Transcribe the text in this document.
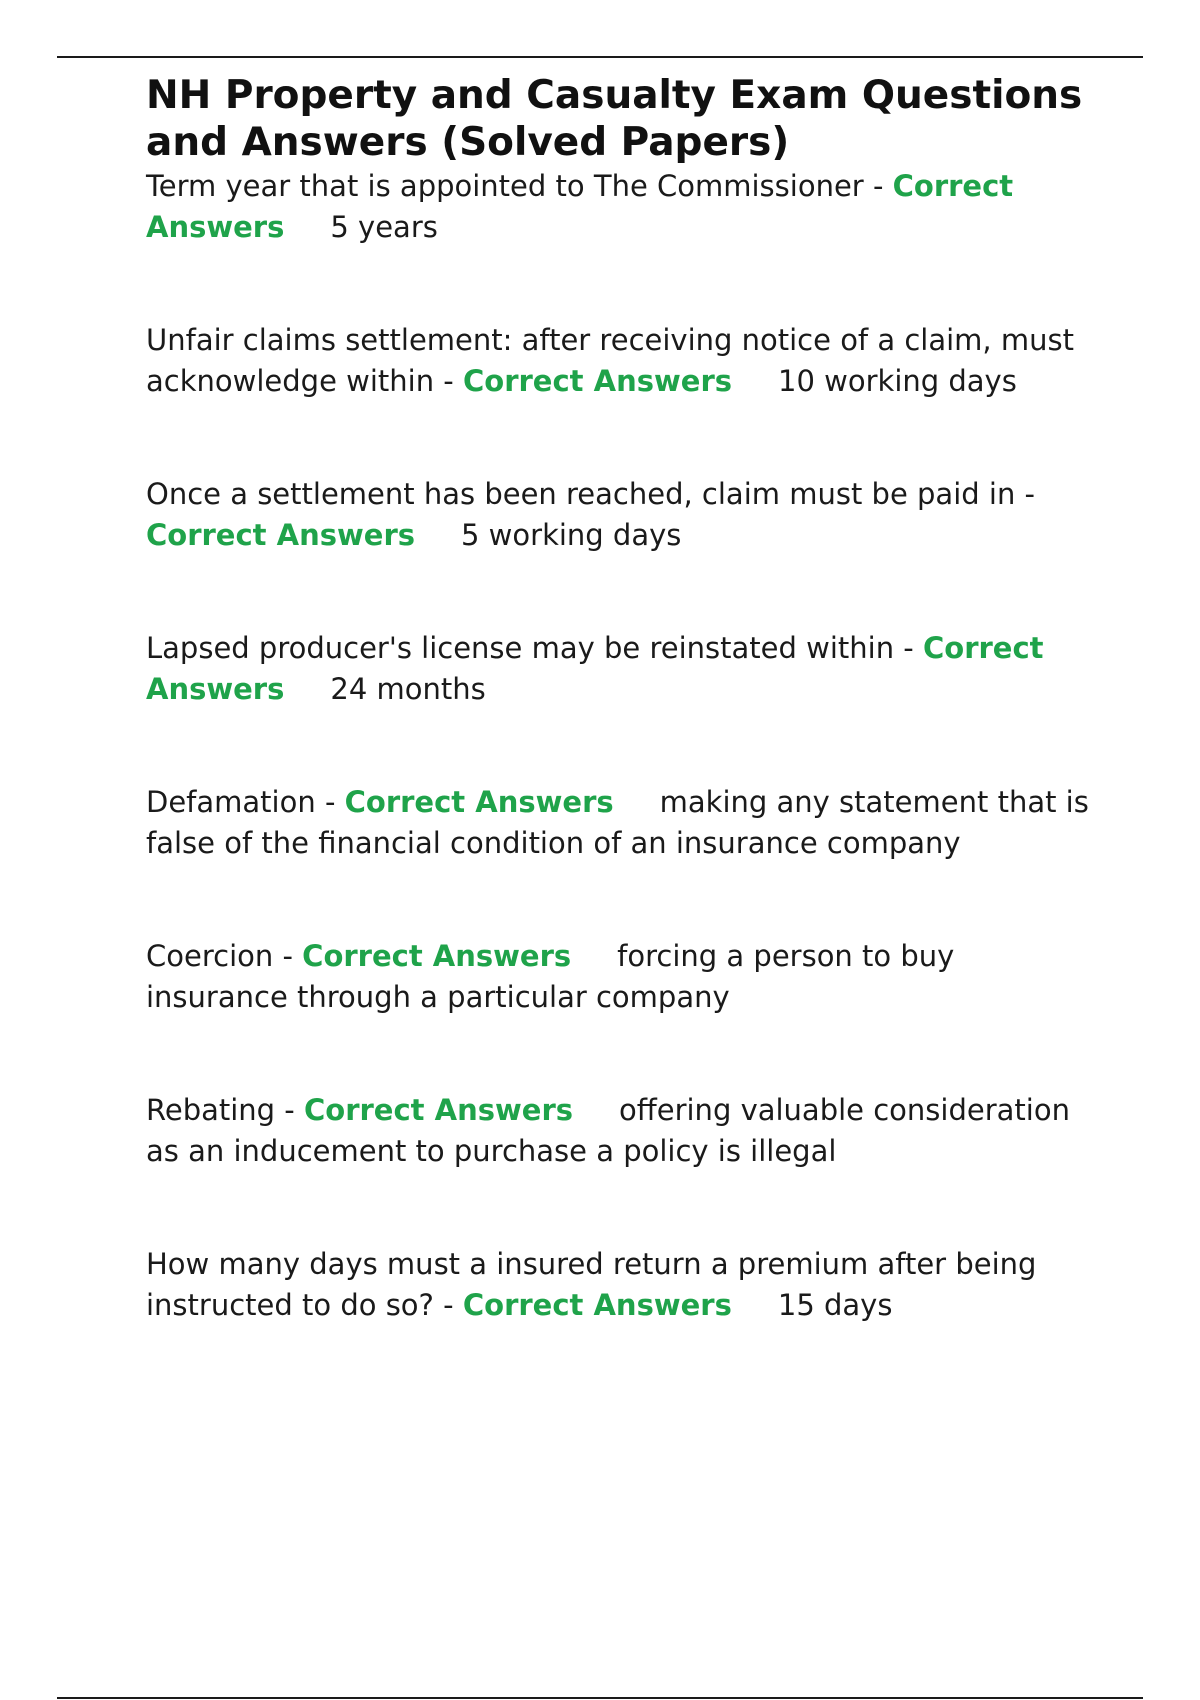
NH Property and Casualty Exam Questions and Answers (Solved Papers)

Term year that is appointed to The Commissioner - Correct Answers 5 years

Unfair claims settlement: after receiving notice of a claim, must acknowledge within - Correct Answers 10 working days

Once a settlement has been reached, claim must be paid in - Correct Answers 5 working days

Lapsed producer's license may be reinstated within - Correct Answers 24 months

Defamation - Correct Answers making any statement that is false of the financial condition of an insurance company

Coercion - Correct Answers forcing a person to buy insurance through a particular company

Rebating - Correct Answers offering valuable consideration as an inducement to purchase a policy is illegal

How many days must a insured return a premium after being instructed to do so? - Correct Answers 15 days
